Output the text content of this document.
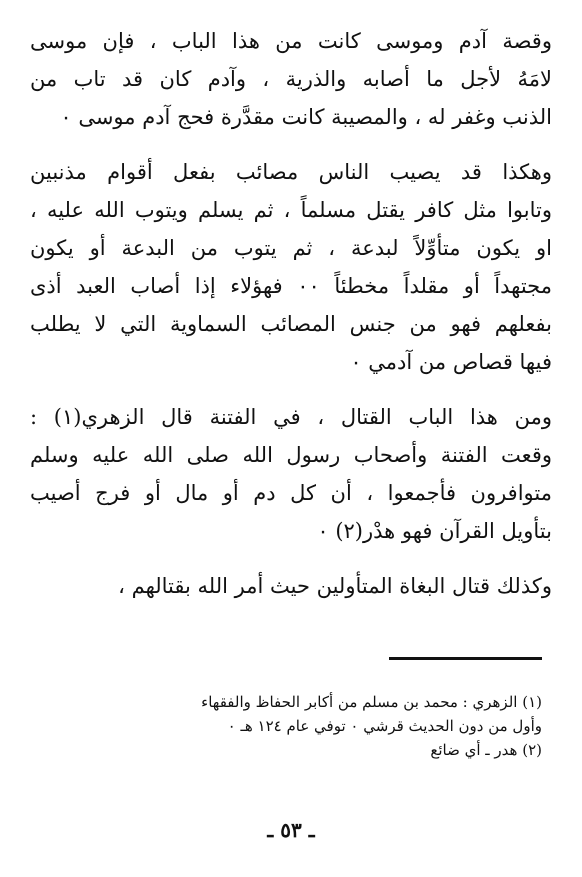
وقصة آدم وموسى كانت من هذا الباب ، فإن موسى
لامَهُ لأجل ما أصابه والذرية ، وآدم كان قد تاب من
الذنب وغفر له ، والمصيبة كانت مقدَّرة فحج آدم موسى ٠
وهكذا قد يصيب الناس مصائب بفعل أقوام مذنبين
وتابوا مثل كافر يقتل مسلماً ، ثم يسلم ويتوب الله عليه ،
او يكون متأوِّلاً لبدعة ، ثم يتوب من البدعة أو يكون
مجتهداً أو مقلداً مخطئاً ٠٠ فهؤلاء إذا أصاب العبد أذى
بفعلهم فهو من جنس المصائب السماوية التي لا يطلب
فيها قصاص من آدمي ٠
ومن هذا الباب القتال ، في الفتنة قال الزهري(١) :
وقعت الفتنة وأصحاب رسول الله صلى الله عليه وسلم
متوافرون فأجمعوا ، أن كل دم أو مال أو فرج أصيب
بتأويل القرآن فهو هدْر(٢) ٠
وكذلك قتال البغاة المتأولين حيث أمر الله بقتالهم ،
(١) الزهري : محمد بن مسلم من أكابر الحفاظ والفقهاء
وأول من دون الحديث قرشي ٠ توفي عام ١٢٤ هـ ٠
(٢) هدر ـ أي ضائع
ـ ٥٣ ـ
